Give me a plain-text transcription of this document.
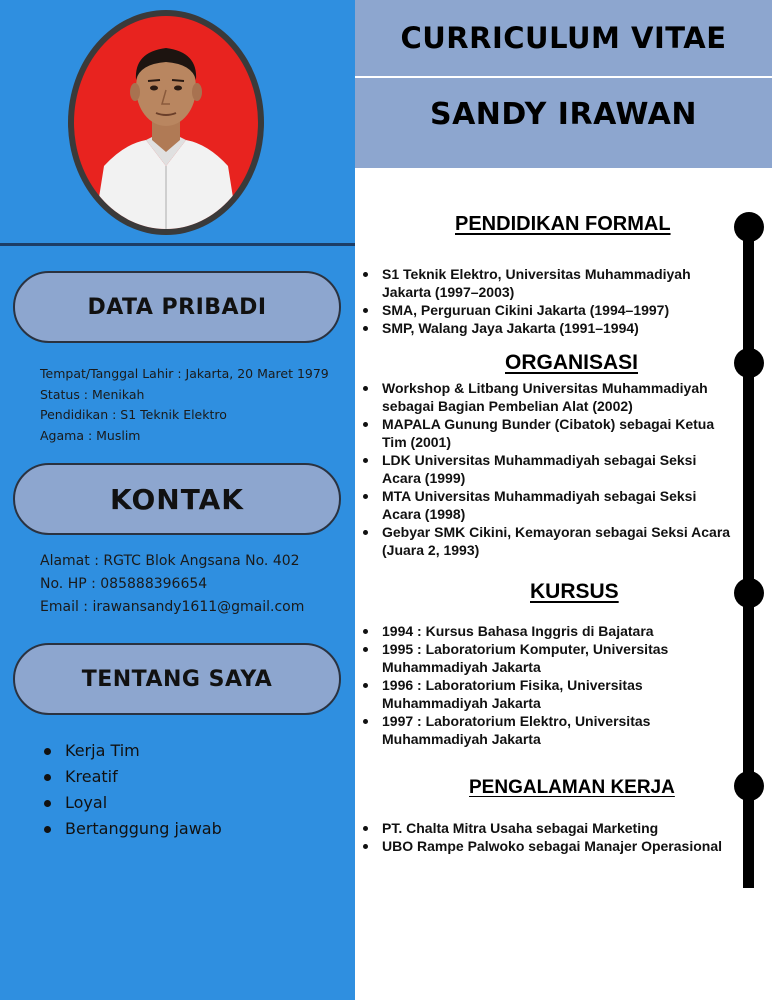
DATA PRIBADI
Tempat/Tanggal Lahir : Jakarta, 20 Maret 1979
Status : Menikah
Pendidikan : S1 Teknik Elektro
Agama : Muslim
KONTAK
Alamat : RGTC Blok Angsana No. 402
No. HP : 085888396654
Email : irawansandy1611@gmail.com
TENTANG SAYA
Kerja Tim
Kreatif
Loyal
Bertanggung jawab
CURRICULUM VITAE
SANDY IRAWAN
PENDIDIKAN FORMAL
S1 Teknik Elektro, Universitas Muhammadiyah Jakarta (1997–2003)
SMA, Perguruan Cikini Jakarta (1994–1997)
SMP, Walang Jaya Jakarta (1991–1994)
ORGANISASI
Workshop & Litbang Universitas Muhammadiyah sebagai Bagian Pembelian Alat (2002)
MAPALA Gunung Bunder (Cibatok) sebagai Ketua Tim (2001)
LDK Universitas Muhammadiyah sebagai Seksi Acara (1999)
MTA Universitas Muhammadiyah sebagai Seksi Acara (1998)
Gebyar SMK Cikini, Kemayoran sebagai Seksi Acara (Juara 2, 1993)
KURSUS
1994 : Kursus Bahasa Inggris di Bajatara
1995 : Laboratorium Komputer, Universitas Muhammadiyah Jakarta
1996 : Laboratorium Fisika, Universitas Muhammadiyah Jakarta
1997 : Laboratorium Elektro, Universitas Muhammadiyah Jakarta
PENGALAMAN KERJA
PT. Chalta Mitra Usaha sebagai Marketing
UBO Rampe Palwoko sebagai Manajer Operasional
